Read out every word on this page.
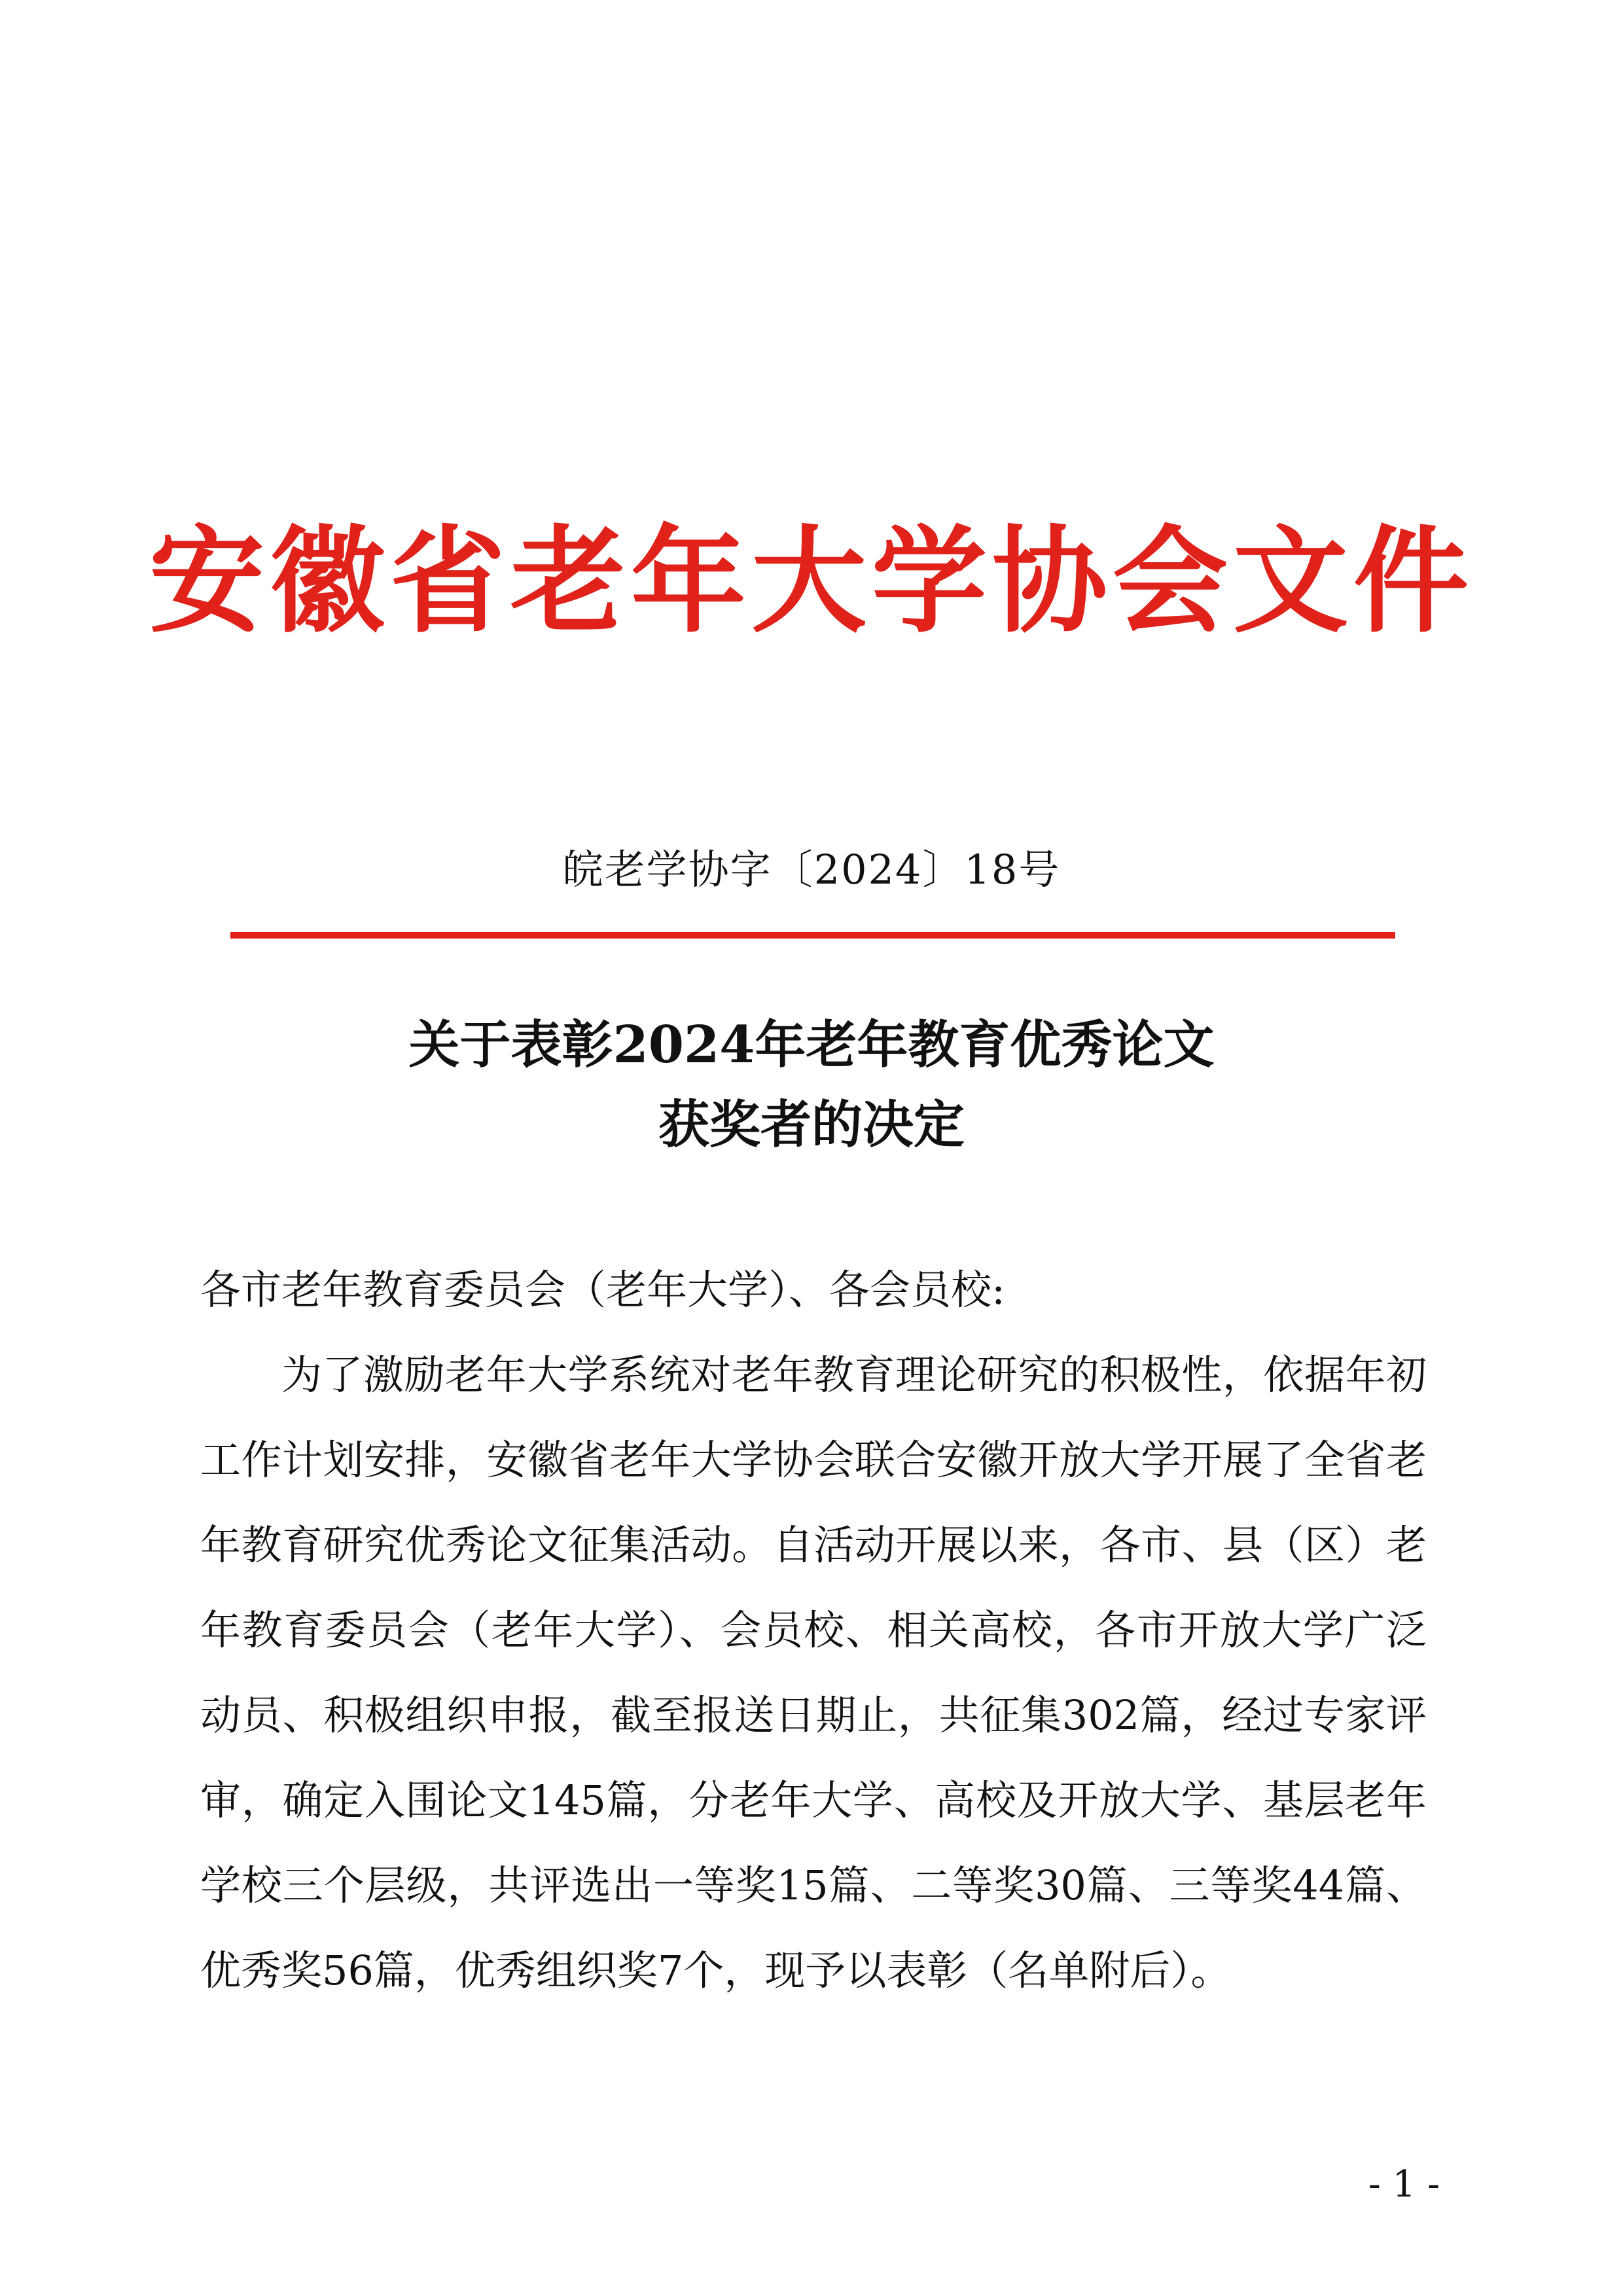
安徽省老年大学协会文件
皖老学协字〔2024〕18号
关于表彰2024年老年教育优秀论文
获奖者的决定

各市老年教育委员会（老年大学）、各会员校:

为了激励老年大学系统对老年教育理论研究的积极性，依据年初工作计划安排，安徽省老年大学协会联合安徽开放大学开展了全省老年教育研究优秀论文征集活动。自活动开展以来，各市、县（区）老年教育委员会（老年大学）、会员校、相关高校，各市开放大学广泛动员、积极组织申报，截至报送日期止，共征集302篇，经过专家评审，确定入围论文145篇，分老年大学、高校及开放大学、基层老年学校三个层级，共评选出一等奖15篇、二等奖30篇、三等奖44篇、优秀奖56篇，优秀组织奖7个，现予以表彰（名单附后）。

- 1 -
